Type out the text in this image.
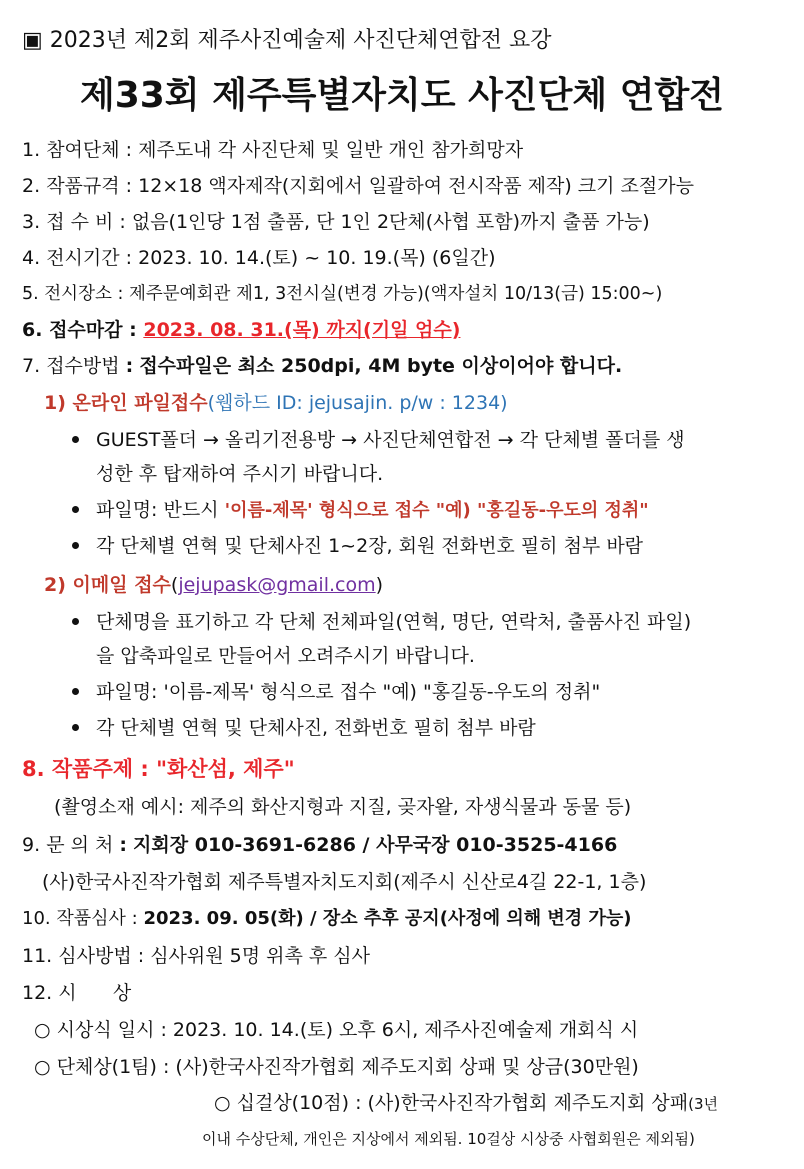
▣ 2023년 제2회 제주사진예술제 사진단체연합전 요강
제33회 제주특별자치도 사진단체 연합전
1. 참여단체 : 제주도내 각 사진단체 및 일반 개인 참가희망자
2. 작품규격 : 12×18 액자제작(지회에서 일괄하여 전시작품 제작) 크기 조절가능
3. 접 수 비 : 없음(1인당 1점 출품, 단 1인 2단체(사협 포함)까지 출품 가능)
4. 전시기간 : 2023. 10. 14.(토) ~ 10. 19.(목) (6일간)
5. 전시장소 : 제주문예회관 제1, 3전시실(변경 가능)(액자설치 10/13(금) 15:00~)
6. 접수마감 : 2023. 08. 31.(목) 까지(기일 엄수)
7. 접수방법 : 접수파일은 최소 250dpi, 4M byte 이상이어야 합니다.
1) 온라인 파일접수(웹하드 ID: jejusajin. p/w : 1234)
GUEST폴더 → 올리기전용방 → 사진단체연합전 → 각 단체별 폴더를 생
성한 후 탑재하여 주시기 바랍니다.
파일명: 반드시 '이름-제목' 형식으로 접수 "예) "홍길동-우도의 정취"
각 단체별 연혁 및 단체사진 1~2장, 회원 전화번호 필히 첨부 바람
2) 이메일 접수(jejupask@gmail.com)
단체명을 표기하고 각 단체 전체파일(연혁, 명단, 연락처, 출품사진 파일)
을 압축파일로 만들어서 오려주시기 바랍니다.
파일명: '이름-제목' 형식으로 접수 "예) "홍길동-우도의 정취"
각 단체별 연혁 및 단체사진, 전화번호 필히 첨부 바람
8. 작품주제 : "화산섬, 제주"
(촬영소재 예시: 제주의 화산지형과 지질, 곶자왈, 자생식물과 동물 등)
9. 문 의 처 : 지회장 010-3691-6286 / 사무국장 010-3525-4166
(사)한국사진작가협회 제주특별자치도지회(제주시 신산로4길 22-1, 1층)
10. 작품심사 : 2023. 09. 05(화) / 장소 추후 공지(사정에 의해 변경 가능)
11. 심사방법 : 심사위원 5명 위촉 후 심사
12. 시      상
○ 시상식 일시 : 2023. 10. 14.(토) 오후 6시, 제주사진예술제 개회식 시
○ 단체상(1팀) : (사)한국사진작가협회 제주도지회 상패 및 상금(30만원)
○ 십걸상(10점) : (사)한국사진작가협회 제주도지회 상패(3년
이내 수상단체, 개인은 지상에서 제외됨. 10걸상 시상중 사협회원은 제외됨)
